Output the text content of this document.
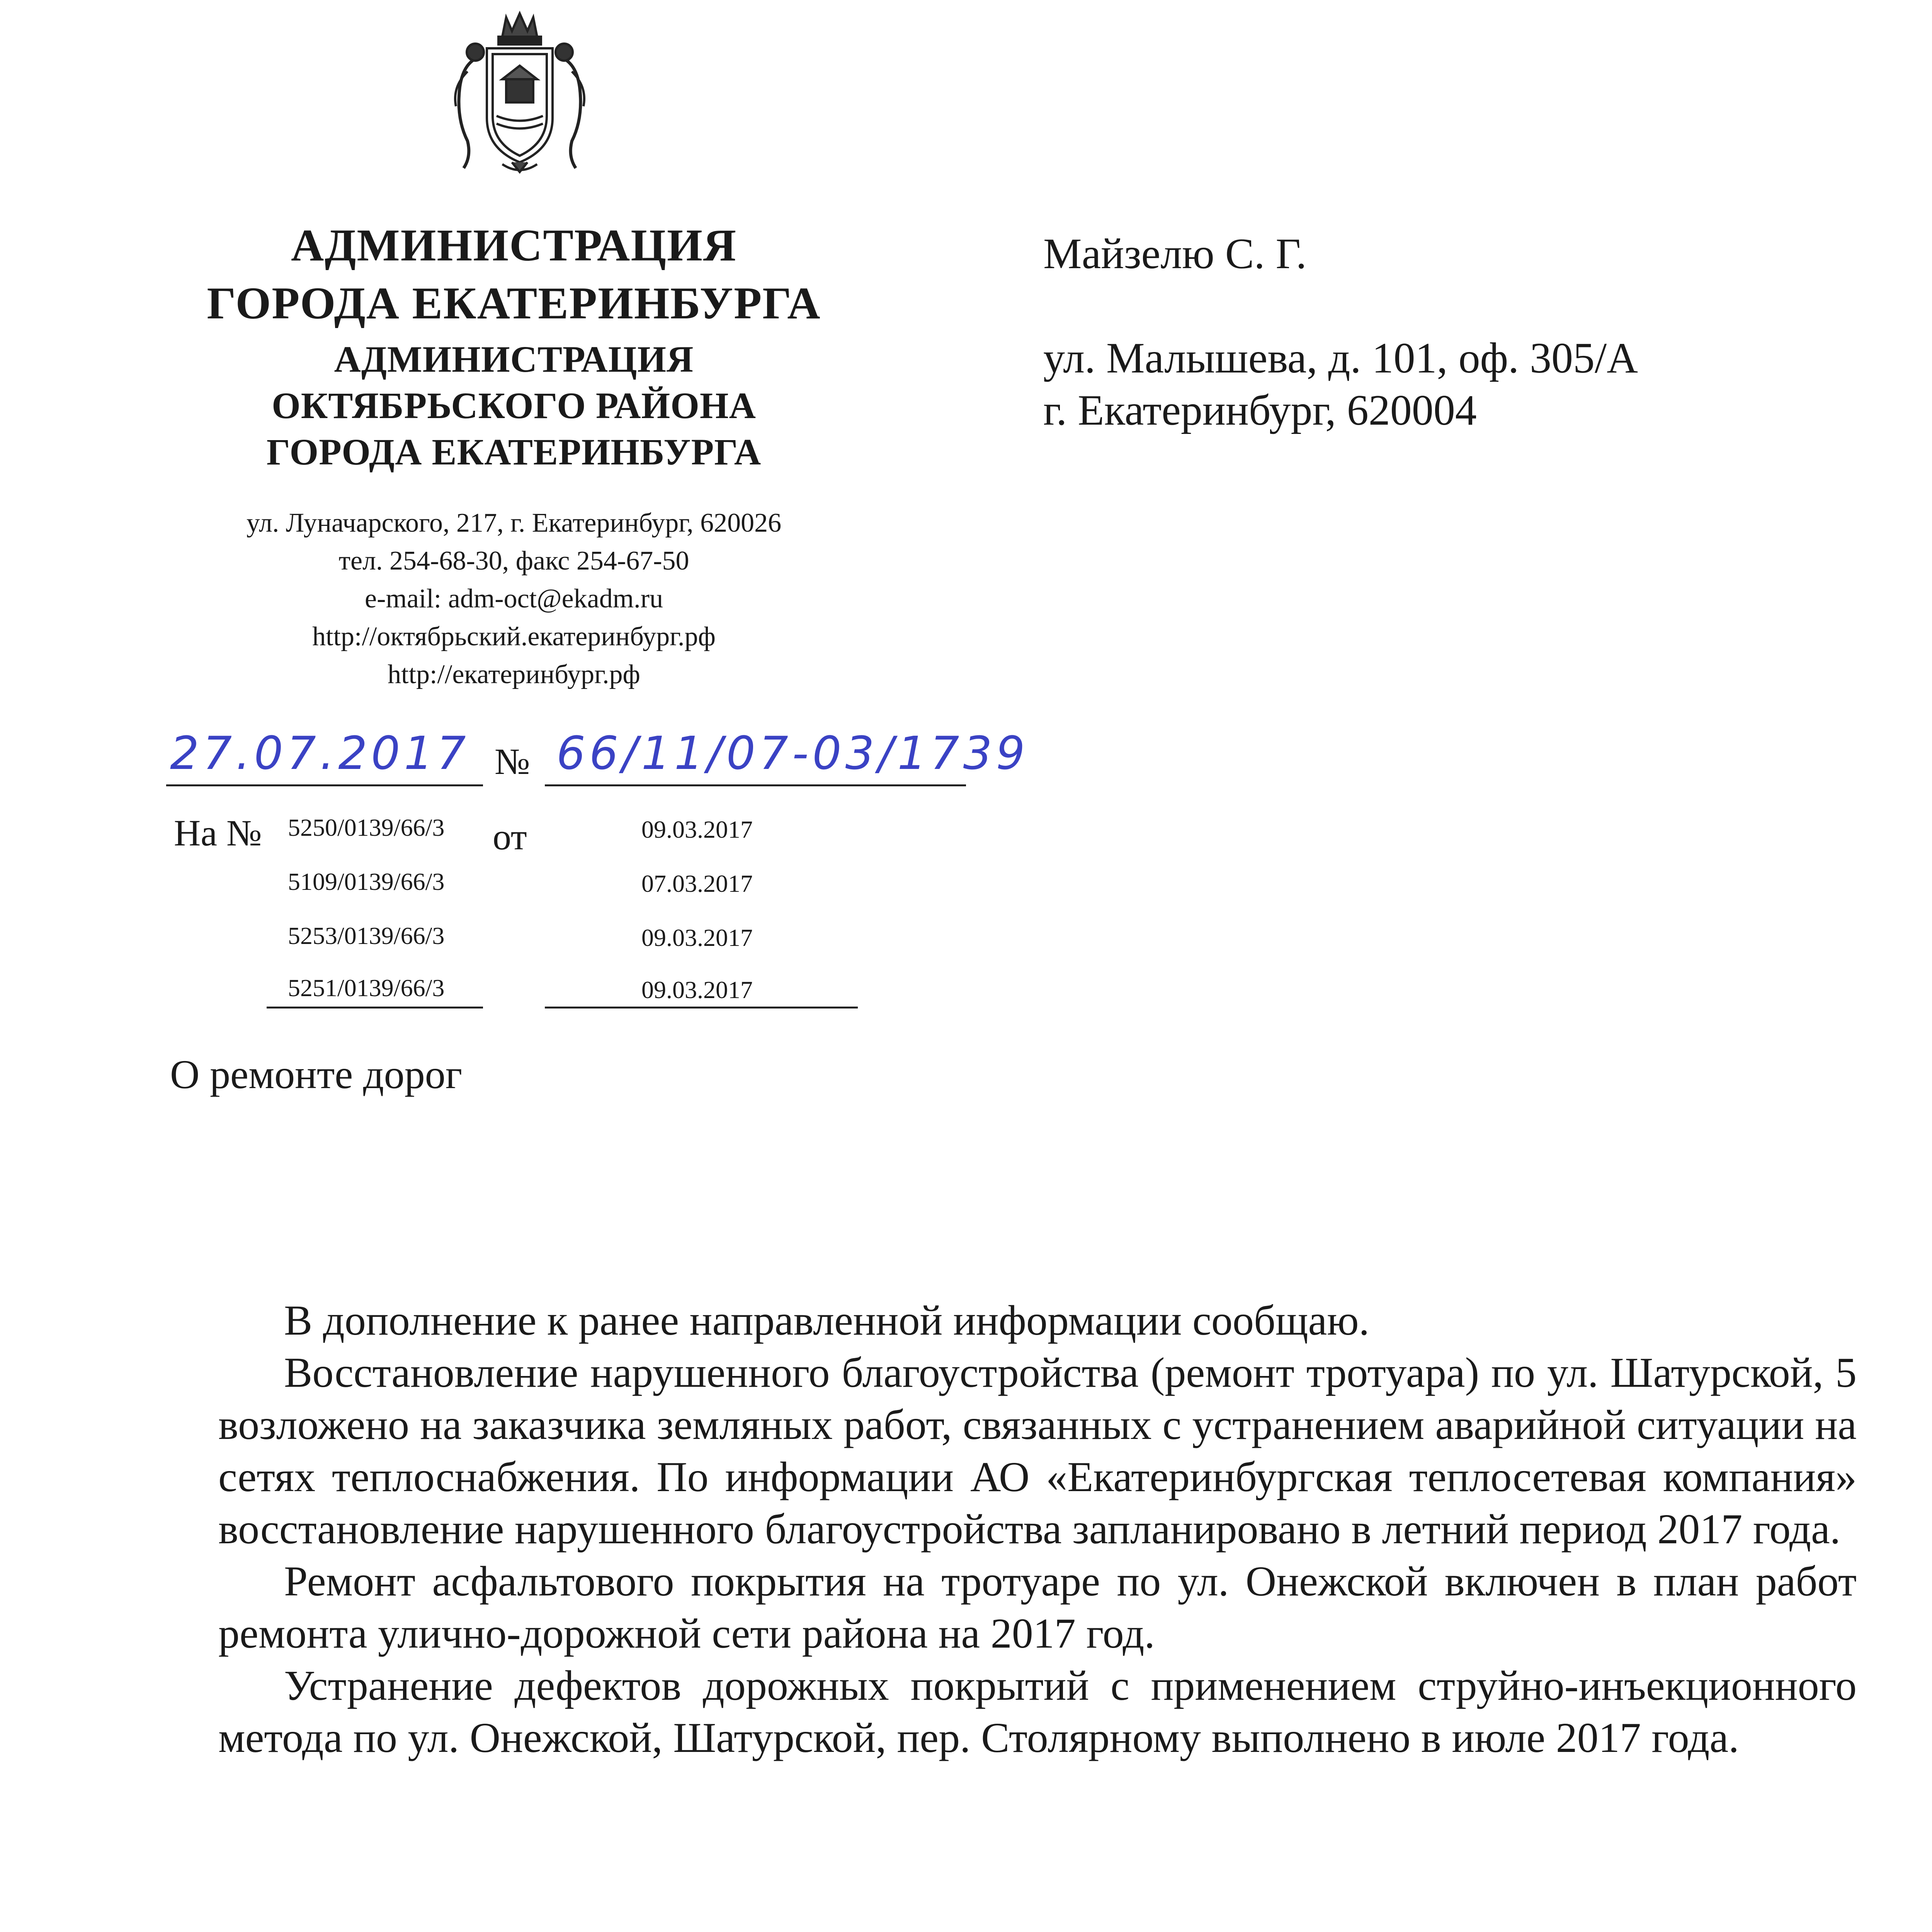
АДМИНИСТРАЦИЯ
ГОРОДА ЕКАТЕРИНБУРГА
АДМИНИСТРАЦИЯ
ОКТЯБРЬСКОГО РАЙОНА
ГОРОДА ЕКАТЕРИНБУРГА
ул. Луначарского, 217, г. Екатеринбург, 620026
тел. 254-68-30, факс 254-67-50
e-mail: adm-oct@ekadm.ru
http://октябрьский.екатеринбург.рф
http://екатеринбург.рф
Майзелю С. Г.
ул. Малышева, д. 101, оф. 305/А
г. Екатеринбург, 620004
27.07.2017 № 66/11/07-03/1739
На №	от
5250/0139/66/3	09.03.2017
5109/0139/66/3	07.03.2017
5253/0139/66/3	09.03.2017
5251/0139/66/3	09.03.2017
О ремонте дорог

В дополнение к ранее направленной информации сообщаю.

Восстановление нарушенного благоустройства (ремонт тротуара) по ул. Шатурской, 5 возложено на заказчика земляных работ, связанных с устранением аварийной ситуации на сетях теплоснабжения. По информации АО «Екатеринбургская теплосетевая компания» восстановление нарушенного благоустройства запланировано в летний период 2017 года.

Ремонт асфальтового покрытия на тротуаре по ул. Онежской включен в план работ ремонта улично-дорожной сети района на 2017 год.

Устранение дефектов дорожных покрытий с применением струйно-инъекционного метода по ул. Онежской, Шатурской, пер. Столярному выполнено в июле 2017 года.
